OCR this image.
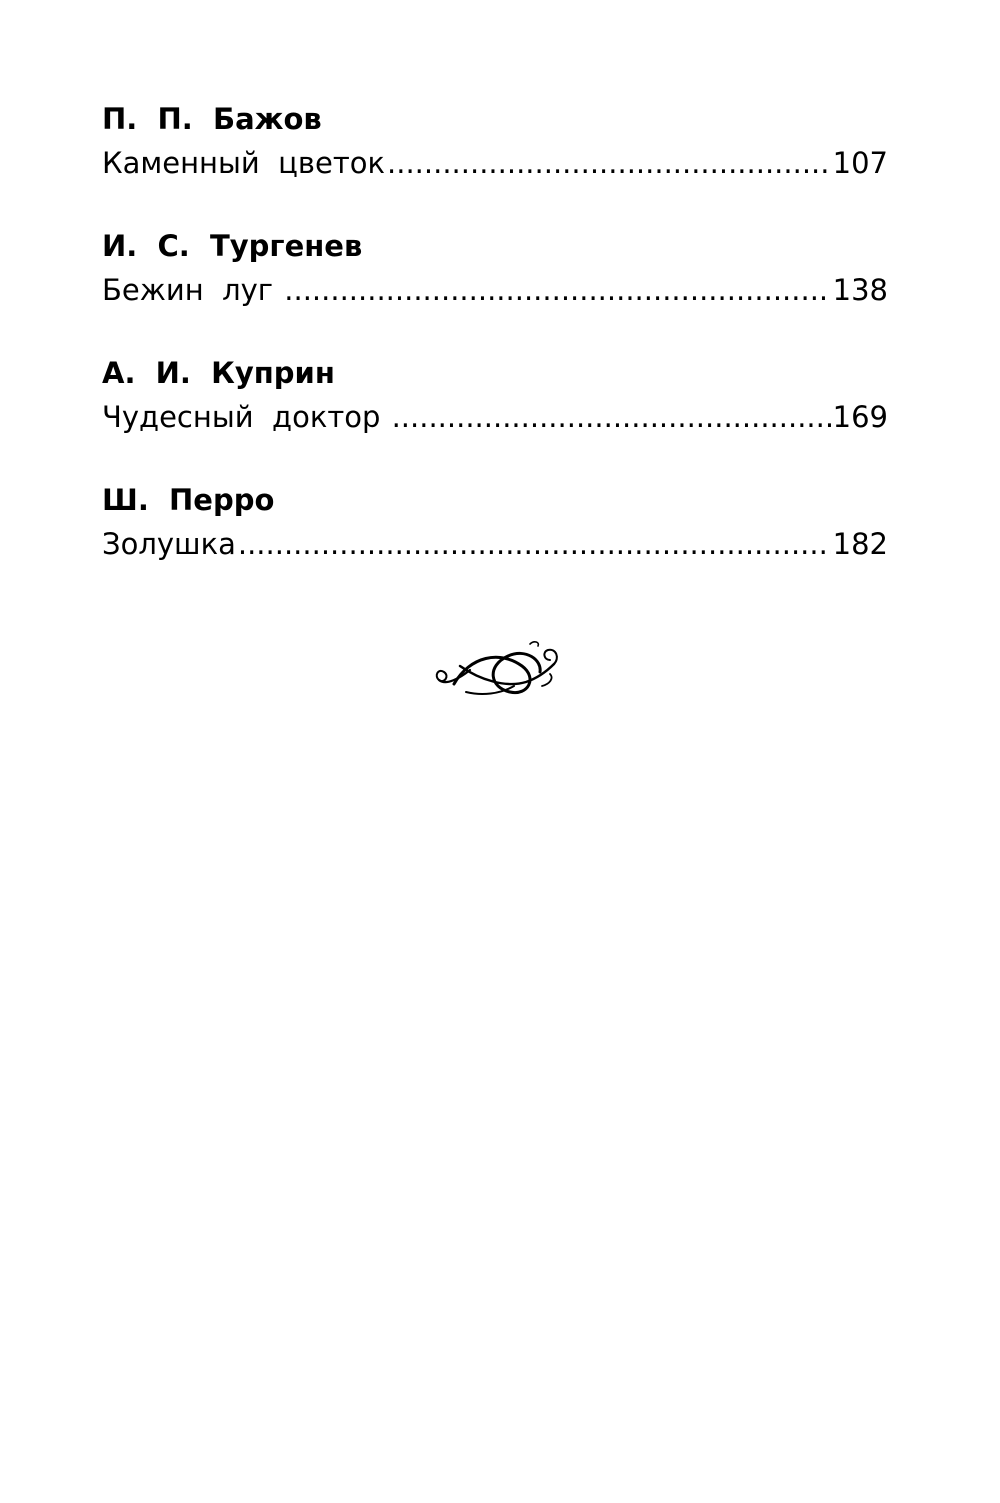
П.  П.  Бажов
Каменный  цветок .....	107
И.  С.  Тургенев
Бежин  луг .....	138
А.  И.  Куприн
Чудесный  доктор .....	169
Ш.  Перро
Золушка .....	182
